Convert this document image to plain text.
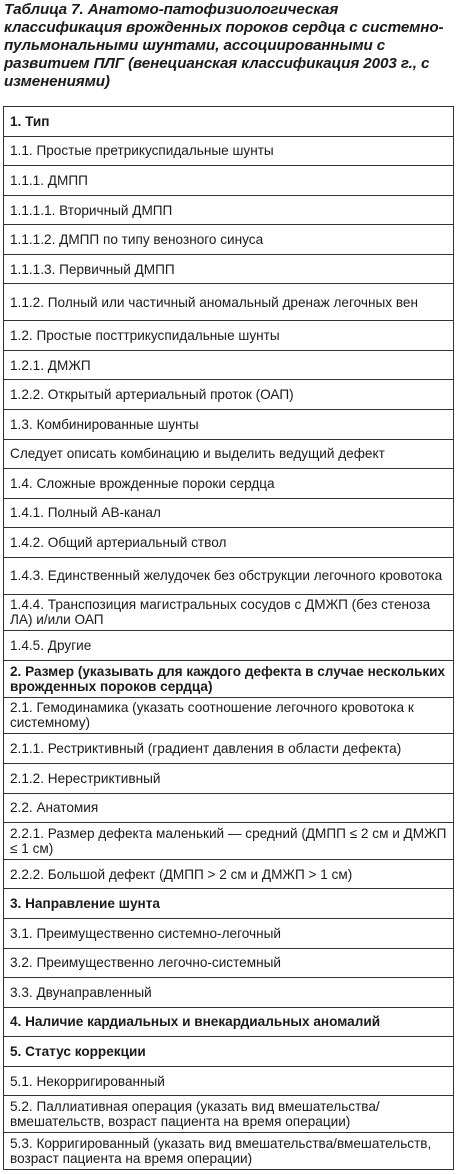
Таблица 7. Анатомо-патофизиологическая классификация врожденных пороков сердца с системно-пульмональными шунтами, ассоциированными с развитием ПЛГ (венецианская классификация 2003 г., с изменениями)
1. Тип
1.1. Простые претрикуспидальные шунты
1.1.1. ДМПП
1.1.1.1. Вторичный ДМПП
1.1.1.2. ДМПП по типу венозного синуса
1.1.1.3. Первичный ДМПП
1.1.2. Полный или частичный аномальный дренаж легочных вен
1.2. Простые посттрикуспидальные шунты
1.2.1. ДМЖП
1.2.2. Открытый артериальный проток (ОАП)
1.3. Комбинированные шунты
Следует описать комбинацию и выделить ведущий дефект
1.4. Сложные врожденные пороки сердца
1.4.1. Полный АВ-канал
1.4.2. Общий артериальный ствол
1.4.3. Единственный желудочек без обструкции легочного кровотока
1.4.4. Транспозиция магистральных сосудов с ДМЖП (без стеноза ЛА) и/или ОАП
1.4.5. Другие
2. Размер (указывать для каждого дефекта в случае нескольких врожденных пороков сердца)
2.1. Гемодинамика (указать соотношение легочного кровотока к системному)
2.1.1. Рестриктивный (градиент давления в области дефекта)
2.1.2. Нерестриктивный
2.2. Анатомия
2.2.1. Размер дефекта маленький — средний (ДМПП ≤ 2 см и ДМЖП ≤ 1 см)
2.2.2. Большой дефект (ДМПП > 2 см и ДМЖП > 1 см)
3. Направление шунта
3.1. Преимущественно системно-легочный
3.2. Преимущественно легочно-системный
3.3. Двунаправленный
4. Наличие кардиальных и внекардиальных аномалий
5. Статус коррекции
5.1. Некорригированный
5.2. Паллиативная операция (указать вид вмешательства/вмешательств, возраст пациента на время операции)
5.3. Корригированный (указать вид вмешательства/вмешательств, возраст пациента на время операции)
